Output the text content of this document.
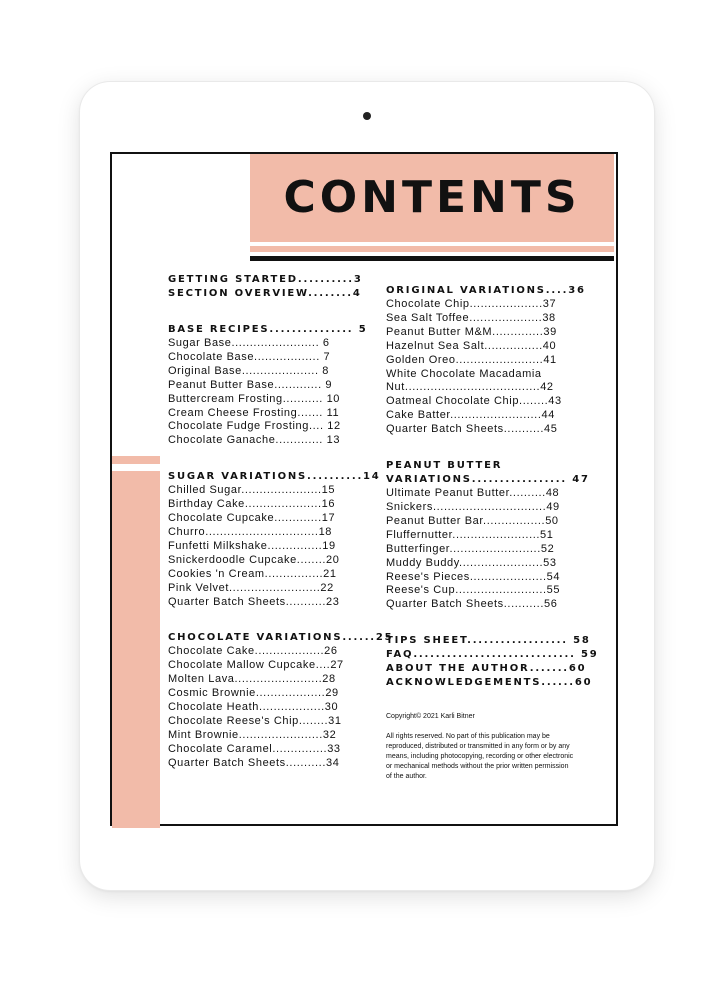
CONTENTS
GETTING STARTED..........3
SECTION OVERVIEW........4
BASE RECIPES............... 5
Sugar Base........................ 6
Chocolate Base.................. 7
Original Base..................... 8
Peanut Butter Base............. 9
Buttercream Frosting........... 10
Cream Cheese Frosting....... 11
Chocolate Fudge Frosting.... 12
Chocolate Ganache............. 13
SUGAR VARIATIONS..........14
Chilled Sugar......................15
Birthday Cake.....................16
Chocolate Cupcake.............17
Churro...............................18
Funfetti Milkshake...............19
Snickerdoodle Cupcake........20
Cookies 'n Cream................21
Pink Velvet.........................22
Quarter Batch Sheets...........23
CHOCOLATE VARIATIONS......25
Chocolate Cake...................26
Chocolate Mallow Cupcake....27
Molten Lava........................28
Cosmic Brownie...................29
Chocolate Heath..................30
Chocolate Reese's Chip........31
Mint Brownie.......................32
Chocolate Caramel...............33
Quarter Batch Sheets...........34
ORIGINAL VARIATIONS....36
Chocolate Chip....................37
Sea Salt Toffee....................38
Peanut Butter M&M..............39
Hazelnut Sea Salt................40
Golden Oreo........................41
White Chocolate Macadamia
Nut.....................................42
Oatmeal Chocolate Chip........43
Cake Batter.........................44
Quarter Batch Sheets...........45
PEANUT BUTTER
VARIATIONS................. 47
Ultimate Peanut Butter..........48
Snickers...............................49
Peanut Butter Bar.................50
Fluffernutter........................51
Butterfinger.........................52
Muddy Buddy.......................53
Reese's Pieces.....................54
Reese's Cup.........................55
Quarter Batch Sheets...........56
TIPS SHEET.................. 58
FAQ............................. 59
ABOUT THE AUTHOR.......60
ACKNOWLEDGEMENTS......60
Copyright© 2021 Karli Bitner
All rights reserved. No part of this publication may be reproduced, distributed or transmitted in any form or by any means, including photocopying, recording or other electronic or mechanical methods without the prior written permission of the author.
